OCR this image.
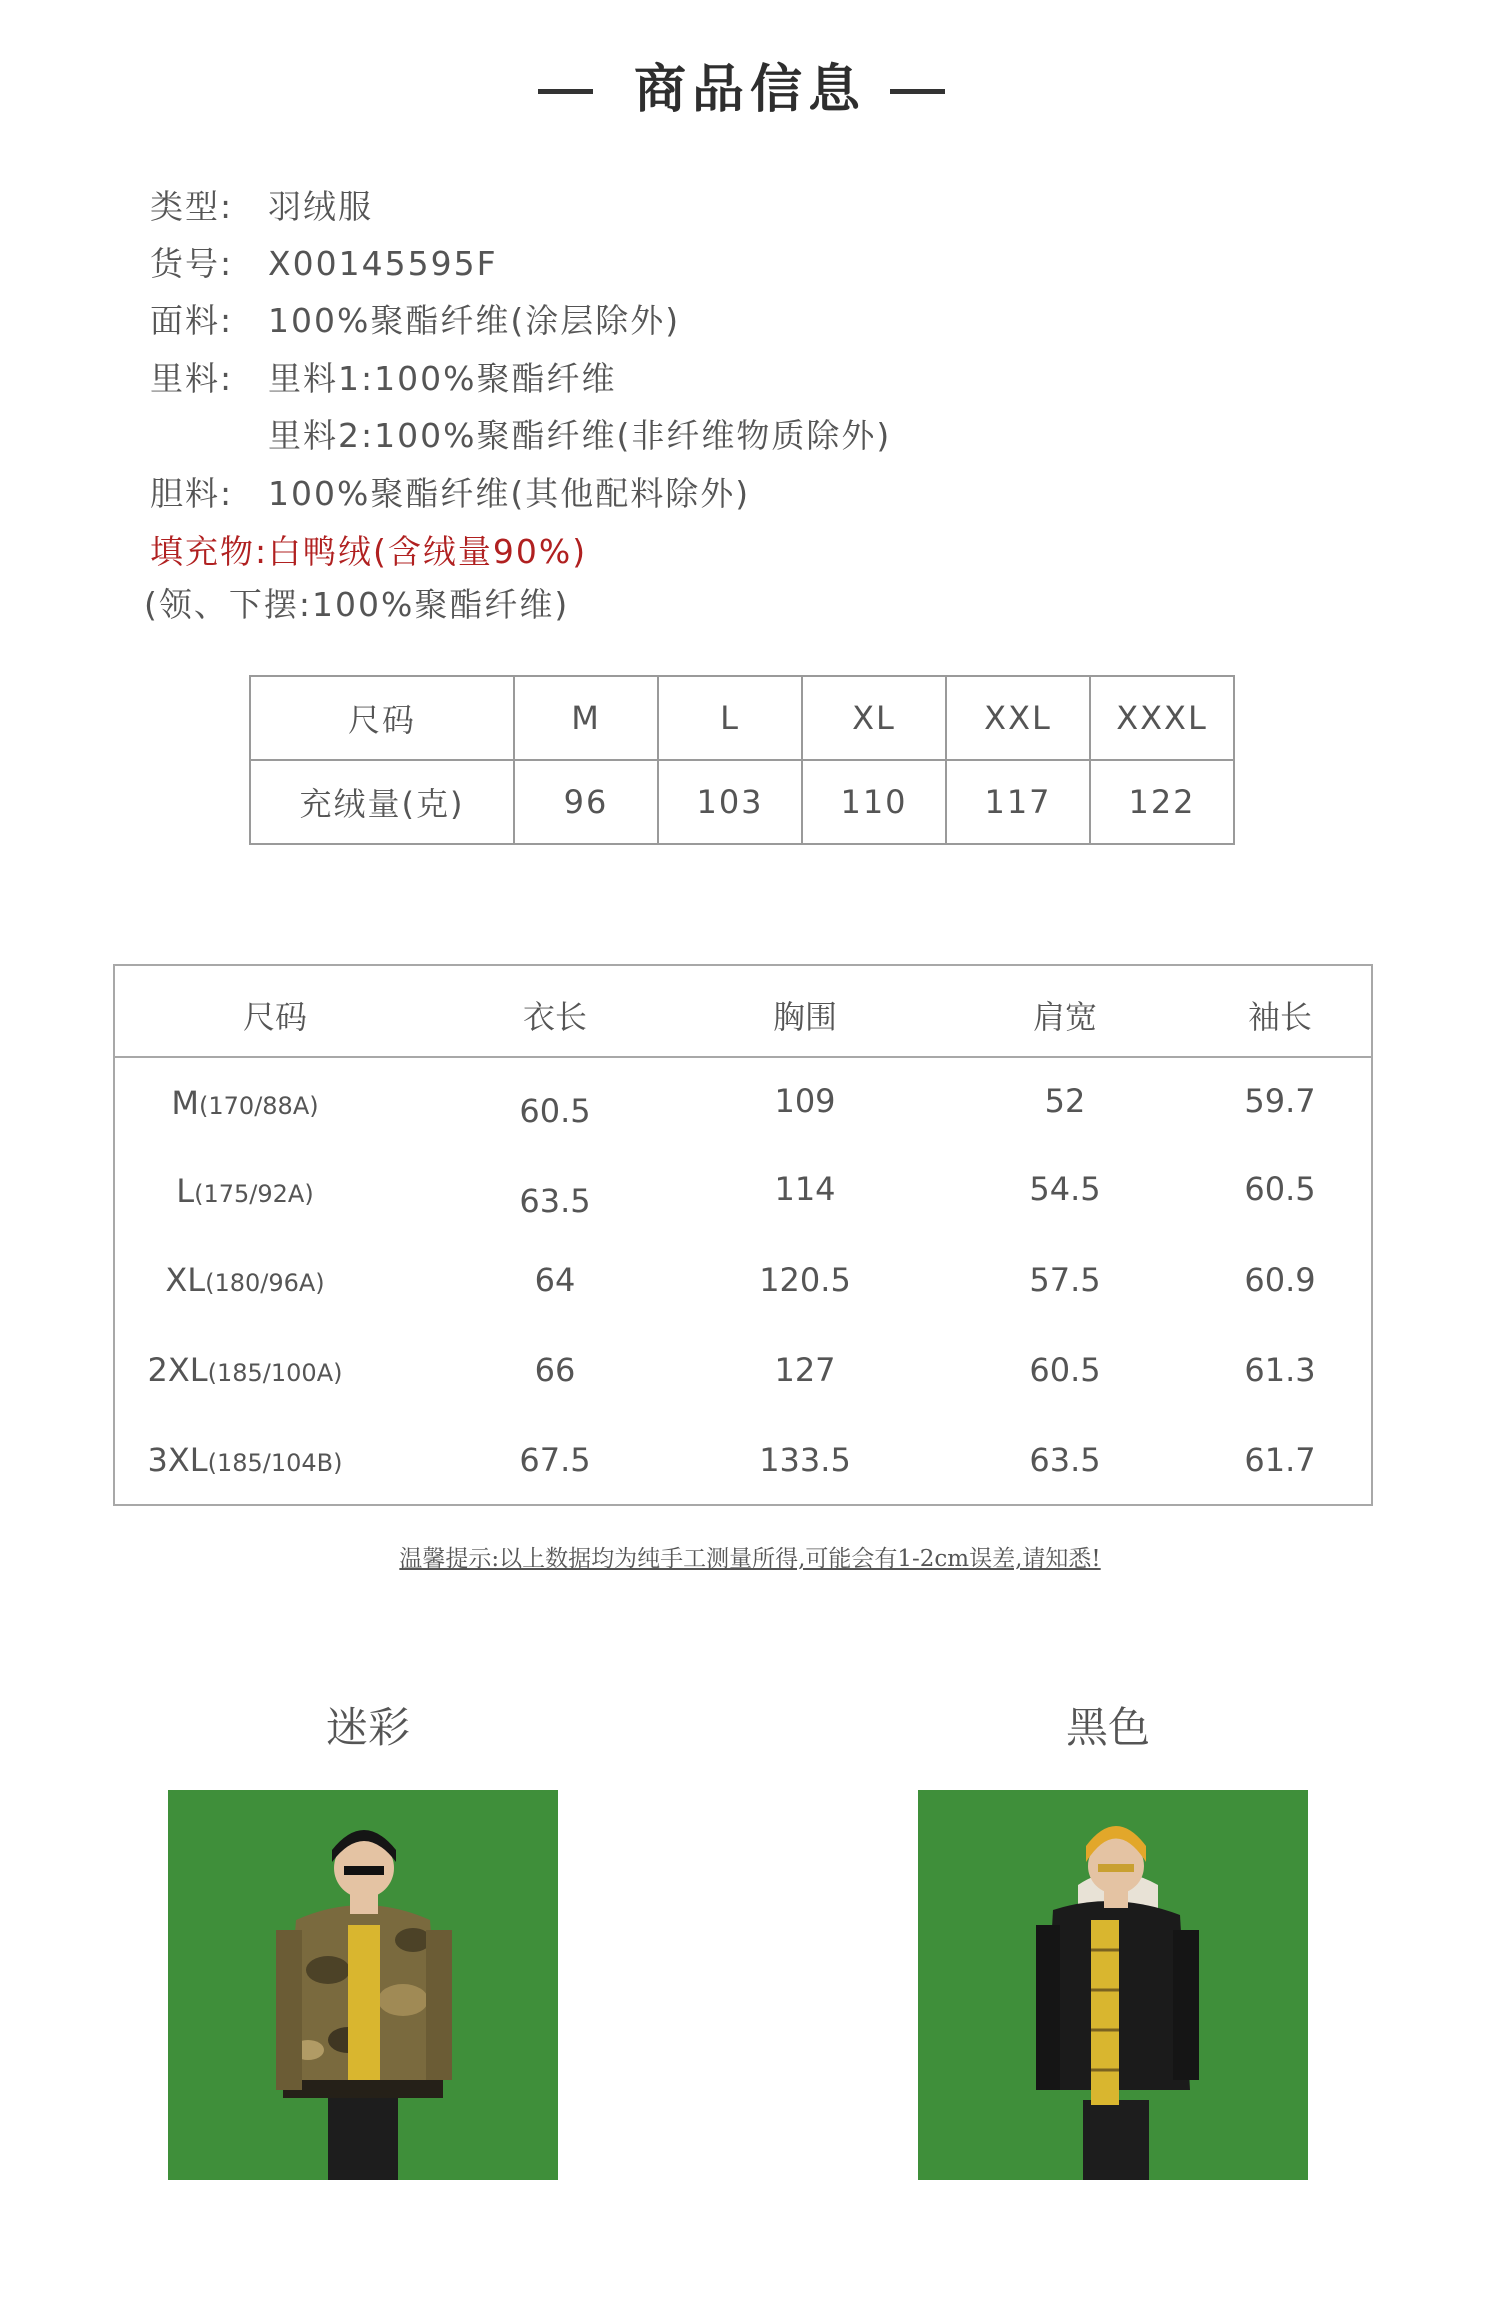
商品信息
类型: 羽绒服
货号: X00145595F
面料: 100%聚酯纤维(涂层除外)
里料: 里料1:100%聚酯纤维
里料2:100%聚酯纤维(非纤维物质除外)
胆料: 100%聚酯纤维(其他配料除外)
填充物:白鸭绒(含绒量90%)
(领、下摆:100%聚酯纤维)
尺码	M	L	XL	XXL	XXXL
充绒量(克)	96	103	110	117	122
尺码	衣长	胸围	肩宽	袖长
M(170/88A)	60.5	109	52	59.7
L(175/92A)	63.5	114	54.5	60.5
XL(180/96A)	64	120.5	57.5	60.9
2XL(185/100A)	66	127	60.5	61.3
3XL(185/104B)	67.5	133.5	63.5	61.7
温馨提示:以上数据均为纯手工测量所得,可能会有1-2cm误差,请知悉!
迷彩	黑色
